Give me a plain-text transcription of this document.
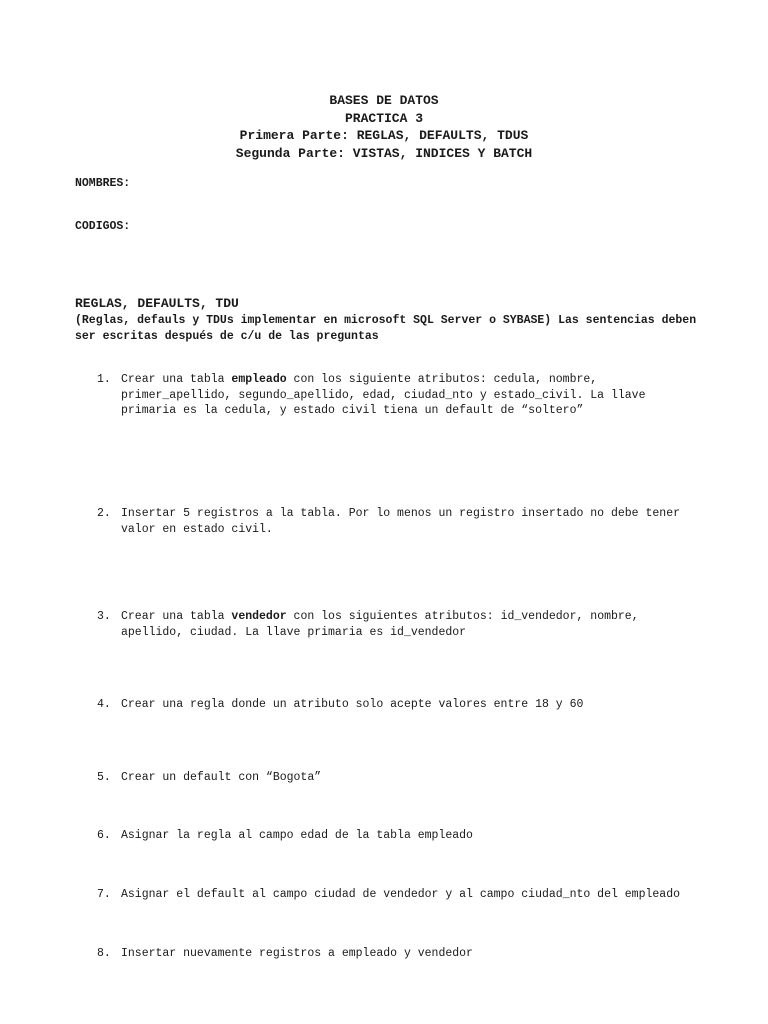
BASES DE DATOS
PRACTICA 3
Primera Parte: REGLAS, DEFAULTS, TDUS
Segunda Parte: VISTAS, INDICES Y BATCH
NOMBRES:
CODIGOS:
REGLAS, DEFAULTS, TDU
(Reglas, defauls y TDUs implementar en microsoft SQL Server o SYBASE) Las sentencias deben ser escritas después de c/u de las preguntas
1. Crear una tabla empleado con los siguiente atributos: cedula, nombre, primer_apellido, segundo_apellido, edad, ciudad_nto y estado_civil. La llave primaria es la cedula, y estado civil tiena un default de “soltero”
2. Insertar 5 registros a la tabla. Por lo menos un registro insertado no debe tener valor en estado civil.
3. Crear una tabla vendedor con los siguientes atributos: id_vendedor, nombre, apellido, ciudad. La llave primaria es id_vendedor
4. Crear una regla donde un atributo solo acepte valores entre 18 y 60
5. Crear un default con “Bogota”
6. Asignar la regla al campo edad de la tabla empleado
7. Asignar el default al campo ciudad de vendedor y al campo ciudad_nto del empleado
8. Insertar nuevamente registros a empleado y vendedor
